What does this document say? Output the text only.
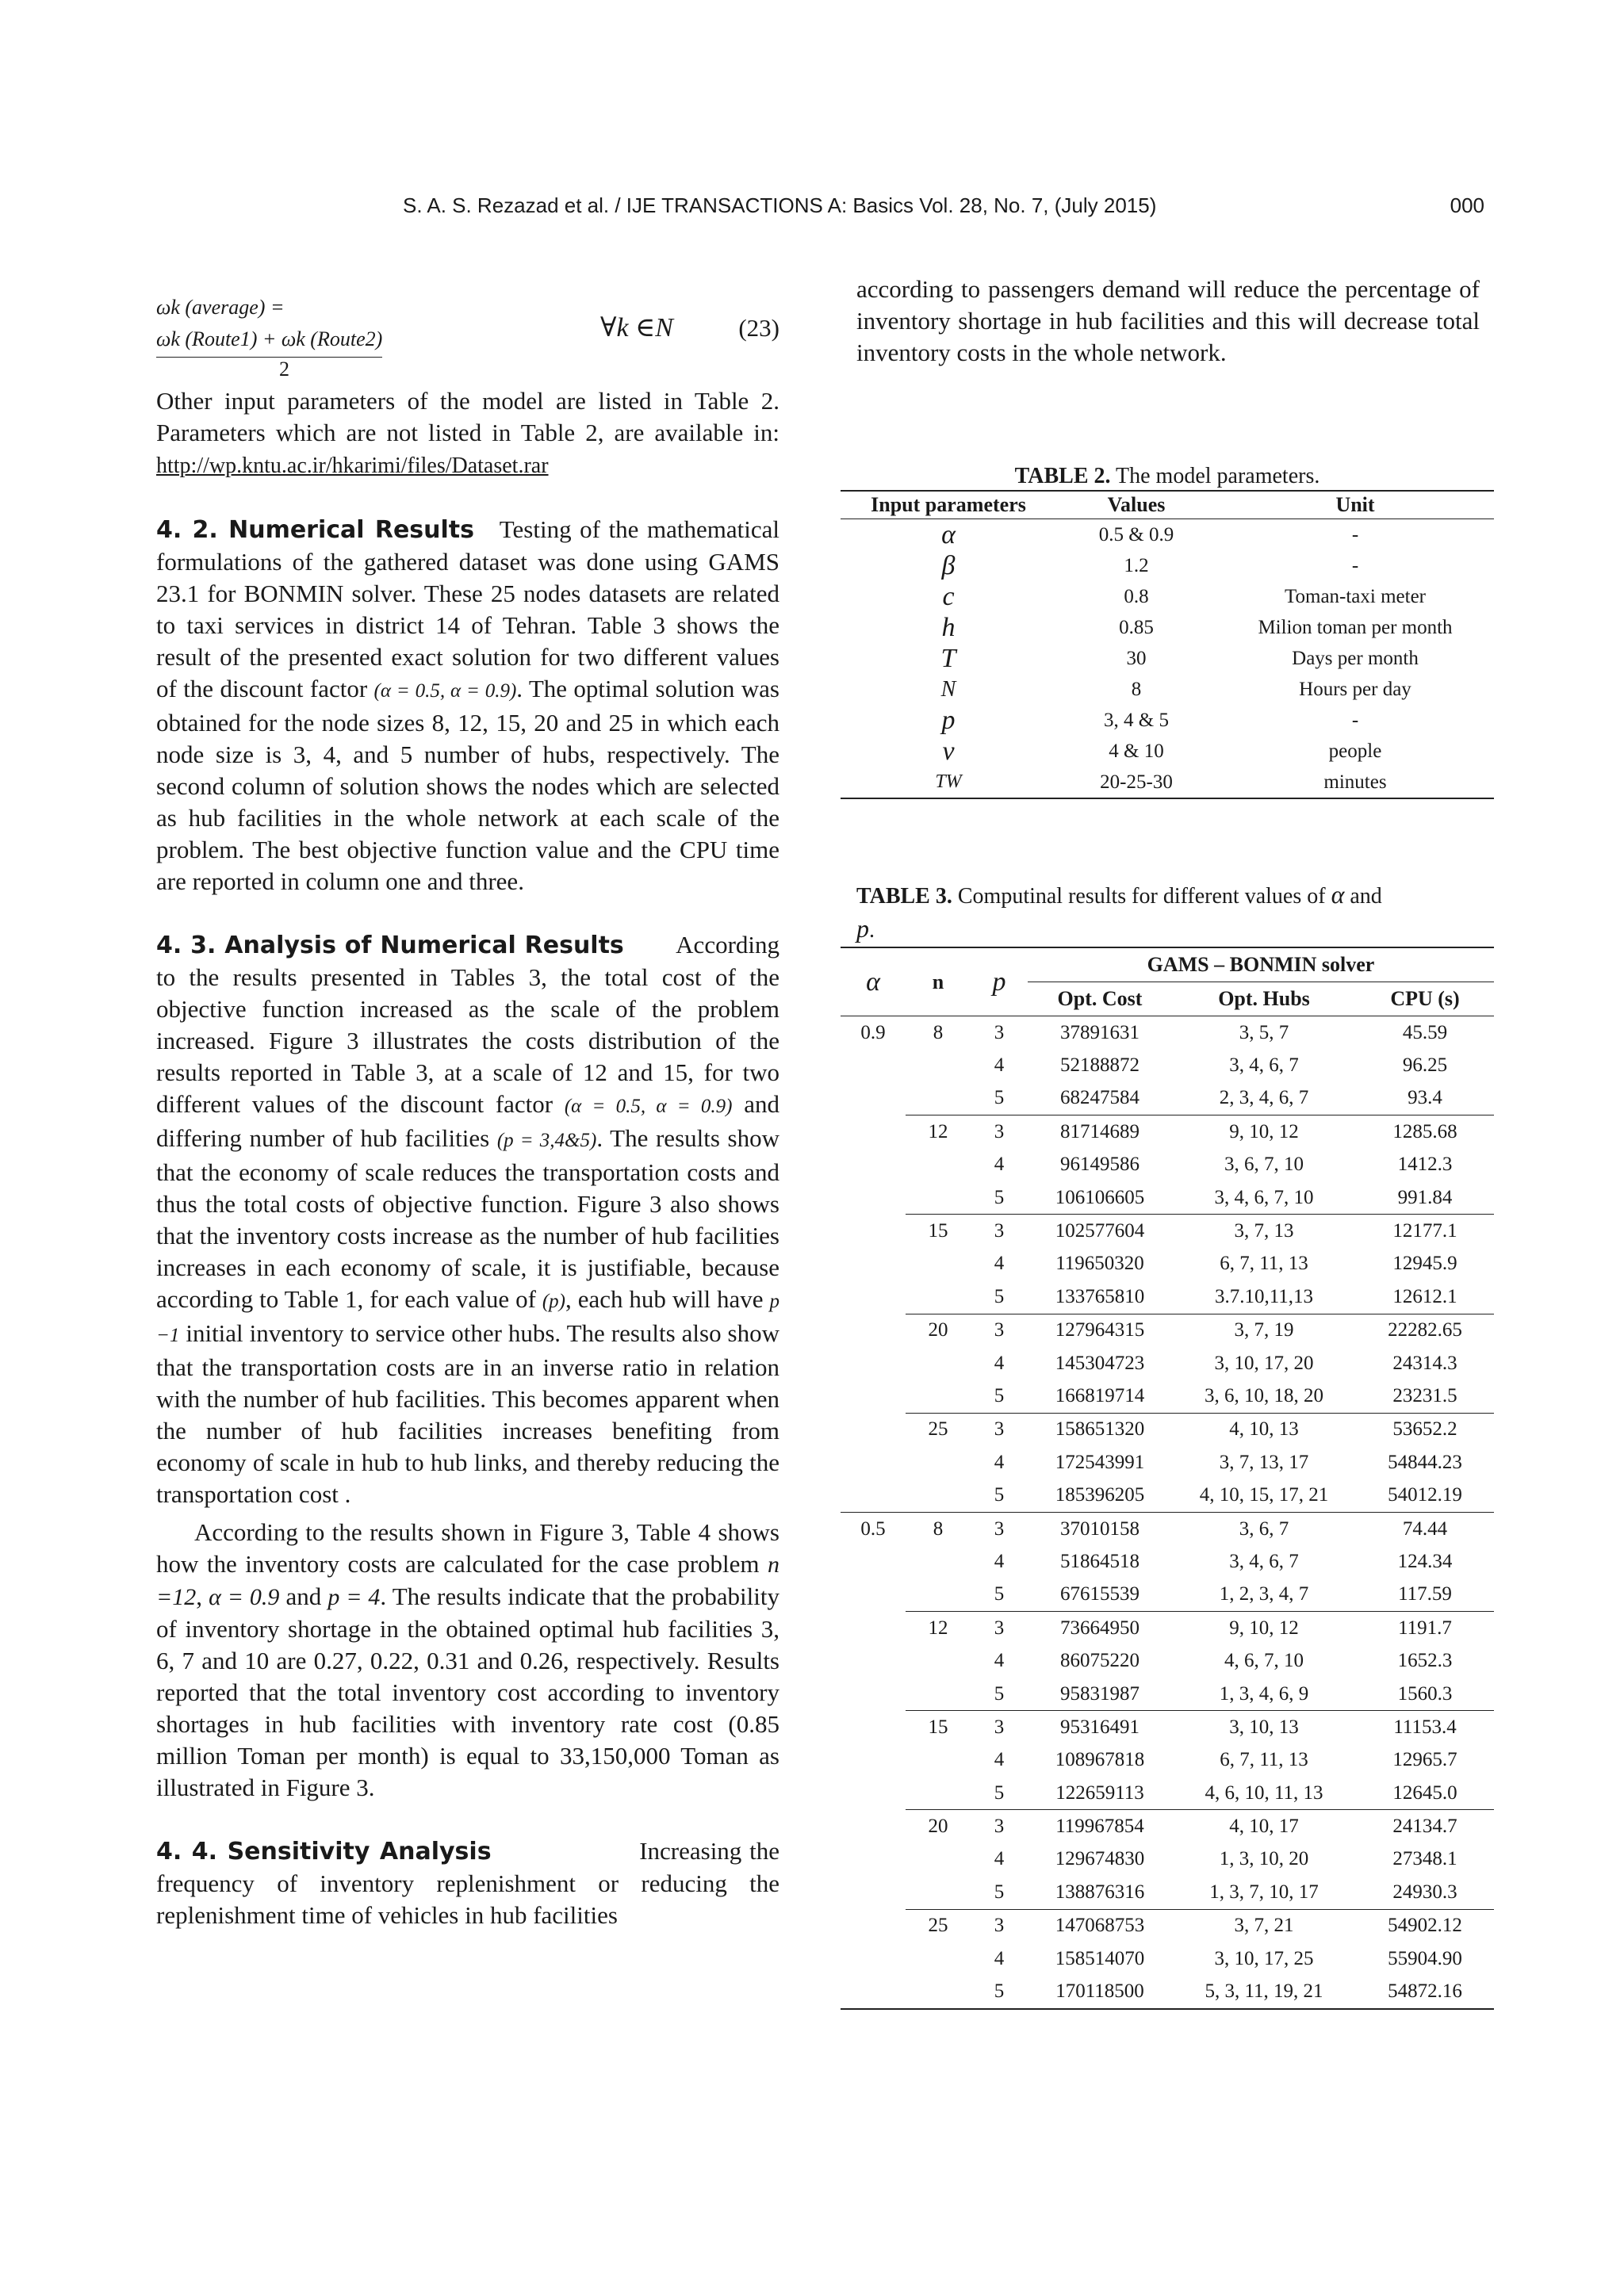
S. A. S. Rezazad et al. / IJE TRANSACTIONS A: Basics Vol. 28, No. 7, (July 2015)	000
ωk (average) =
ωk (Route1) + ωk (Route2)
2
∀k ∈N	(23)

Other input parameters of the model are listed in Table 2. Parameters which are not listed in Table 2, are available in: http://wp.kntu.ac.ir/hkarimi/files/Dataset.rar

4. 2. Numerical Results Testing of the mathematical formulations of the gathered dataset was done using GAMS 23.1 for BONMIN solver. These 25 nodes datasets are related to taxi services in district 14 of Tehran. Table 3 shows the result of the presented exact solution for two different values of the discount factor (α = 0.5, α = 0.9). The optimal solution was obtained for the node sizes 8, 12, 15, 20 and 25 in which each node size is 3, 4, and 5 number of hubs, respectively. The second column of solution shows the nodes which are selected as hub facilities in the whole network at each scale of the problem. The best objective function value and the CPU time are reported in column one and three.

4. 3. Analysis of Numerical Results According to the results presented in Tables 3, the total cost of the objective function increased as the scale of the problem increased. Figure 3 illustrates the costs distribution of the results reported in Table 3, at a scale of 12 and 15, for two different values of the discount factor (α = 0.5, α = 0.9) and differing number of hub facilities (p = 3,4&5). The results show that the economy of scale reduces the transportation costs and thus the total costs of objective function. Figure 3 also shows that the inventory costs increase as the number of hub facilities increases in each economy of scale, it is justifiable, because according to Table 1, for each value of (p), each hub will have p −1 initial inventory to service other hubs. The results also show that the transportation costs are in an inverse ratio in relation with the number of hub facilities. This becomes apparent when the number of hub facilities increases benefiting from economy of scale in hub to hub links, and thereby reducing the transportation cost .

According to the results shown in Figure 3, Table 4 shows how the inventory costs are calculated for the case problem n =12, α = 0.9 and p = 4. The results indicate that the probability of inventory shortage in the obtained optimal hub facilities 3, 6, 7 and 10 are 0.27, 0.22, 0.31 and 0.26, respectively. Results reported that the total inventory cost according to inventory shortages in hub facilities with inventory rate cost (0.85 million Toman per month) is equal to 33,150,000 Toman as illustrated in Figure 3.

4. 4. Sensitivity Analysis	Increasing the frequency of inventory replenishment or reducing the replenishment time of vehicles in hub facilities

according to passengers demand will reduce the percentage of inventory shortage in hub facilities and this will decrease total inventory costs in the whole network.

TABLE 2. The model parameters.
Input parameters	Values	Unit
α	0.5 & 0.9	-
β	1.2	-
c	0.8	Toman-taxi meter
h	0.85	Milion toman per month
T	30	Days per month
N	8	Hours per day
p	3, 4 & 5	-
v	4 & 10	people
TW	20-25-30	minutes
TABLE 3. Computinal results for different values of α and
p.
α	n	p	GAMS – BONMIN solver		
			Opt. Cost	Opt. Hubs	CPU (s)
0.9	8	3	37891631	3, 5, 7	45.59
		4	52188872	3, 4, 6, 7	96.25
		5	68247584	2, 3, 4, 6, 7	93.4
	12	3	81714689	9, 10, 12	1285.68
		4	96149586	3, 6, 7, 10	1412.3
		5	106106605	3, 4, 6, 7, 10	991.84
	15	3	102577604	3, 7, 13	12177.1
		4	119650320	6, 7, 11, 13	12945.9
		5	133765810	3.7.10,11,13	12612.1
	20	3	127964315	3, 7, 19	22282.65
		4	145304723	3, 10, 17, 20	24314.3
		5	166819714	3, 6, 10, 18, 20	23231.5
	25	3	158651320	4, 10, 13	53652.2
		4	172543991	3, 7, 13, 17	54844.23
		5	185396205	4, 10, 15, 17, 21	54012.19
0.5	8	3	37010158	3, 6, 7	74.44
		4	51864518	3, 4, 6, 7	124.34
		5	67615539	1, 2, 3, 4, 7	117.59
	12	3	73664950	9, 10, 12	1191.7
		4	86075220	4, 6, 7, 10	1652.3
		5	95831987	1, 3, 4, 6, 9	1560.3
	15	3	95316491	3, 10, 13	11153.4
		4	108967818	6, 7, 11, 13	12965.7
		5	122659113	4, 6, 10, 11, 13	12645.0
	20	3	119967854	4, 10, 17	24134.7
		4	129674830	1, 3, 10, 20	27348.1
		5	138876316	1, 3, 7, 10, 17	24930.3
	25	3	147068753	3, 7, 21	54902.12
		4	158514070	3, 10, 17, 25	55904.90
		5	170118500	5, 3, 11, 19, 21	54872.16
